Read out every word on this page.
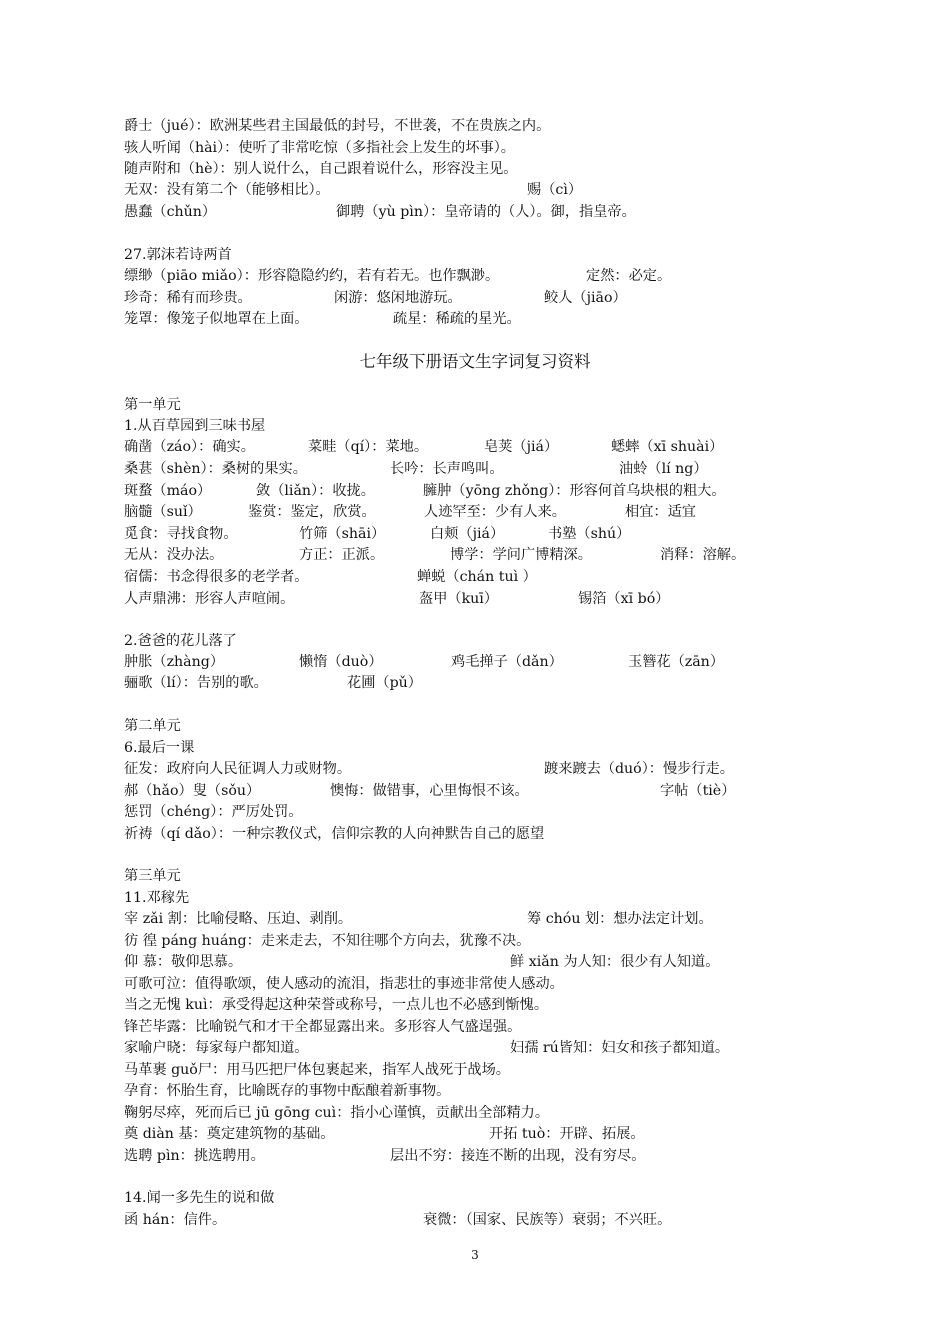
爵士（jué）：欧洲某些君主国最低的封号，不世袭，不在贵族之内。
骇人听闻（hài）：使听了非常吃惊（多指社会上发生的坏事）。
随声附和（hè）：别人说什么，自己跟着说什么，形容没主见。
无双：没有第二个（能够相比）。	赐（cì）
愚蠢（chǔn）	御聘（yù pìn）：皇帝请的（人）。御，指皇帝。
27.郭沫若诗两首
缥缈（piāo miǎo）：形容隐隐约约，若有若无。也作飘渺。	定然：必定。
珍奇：稀有而珍贵。	闲游：悠闲地游玩。	鲛人（jiāo）
笼罩：像笼子似地罩在上面。	疏星：稀疏的星光。
七年级下册语文生字词复习资料
第一单元
1.从百草园到三味书屋
确凿（záo）：确实。	菜畦（qí）：菜地。	皂荚（jiá）	蟋蟀（xī shuài）
桑葚（shèn）：桑树的果实。	长吟：长声鸣叫。	油蛉（lí ng）
斑蝥（máo）	敛（liǎn）：收拢。	臃肿（yōng zhǒng）：形容何首乌块根的粗大。
脑髓（suǐ）	鉴赏：鉴定，欣赏。	人迹罕至：少有人来。	相宜：适宜
觅食：寻找食物。	竹筛（shāi）	白颊（jiá）	书塾（shú）
无从：没办法。	方正：正派。	博学：学问广博精深。	消释：溶解。
宿儒：书念得很多的老学者。	蝉蜕（chán tuì ）
人声鼎沸：形容人声喧闹。	盔甲（kuī）	锡箔（xī bó）
2.爸爸的花儿落了
肿胀（zhàng）	懒惰（duò）	鸡毛掸子（dǎn）	玉簪花（zān）
骊歌（lí）：告别的歌。	花圃（pǔ）
第二单元
6.最后一课
征发：政府向人民征调人力或财物。	踱来踱去（duó）：慢步行走。
郝（hǎo）叟（sǒu）	懊悔：做错事，心里悔恨不该。	字帖（tiè）
惩罚（chéng）：严厉处罚。
祈祷（qí dǎo）：一种宗教仪式，信仰宗教的人向神默告自己的愿望
第三单元
11.邓稼先
宰 zǎi 割：比喻侵略、压迫、剥削。	筹 chóu 划：想办法定计划。
彷 徨 páng huáng：走来走去，不知往哪个方向去，犹豫不决。
仰 慕：敬仰思慕。	鲜 xiǎn 为人知：很少有人知道。
可歌可泣：值得歌颂，使人感动的流泪，指悲壮的事迹非常使人感动。
当之无愧 kuì：承受得起这种荣誉或称号，一点儿也不必感到惭愧。
锋芒毕露：比喻锐气和才干全都显露出来。多形容人气盛逞强。
家喻户晓：每家每户都知道。	妇孺 rú皆知：妇女和孩子都知道。
马革裹 guǒ尸：用马匹把尸体包裹起来，指军人战死于战场。
孕育：怀胎生育，比喻既存的事物中酝酿着新事物。
鞠躬尽瘁，死而后已 jū gōng cuì：指小心谨慎，贡献出全部精力。
奠 diàn 基：奠定建筑物的基础。	开拓 tuò：开辟、拓展。
选聘 pìn：挑选聘用。	层出不穷：接连不断的出现，没有穷尽。
14.闻一多先生的说和做
函 hán：信件。	衰微：（国家、民族等）衰弱；不兴旺。
3
